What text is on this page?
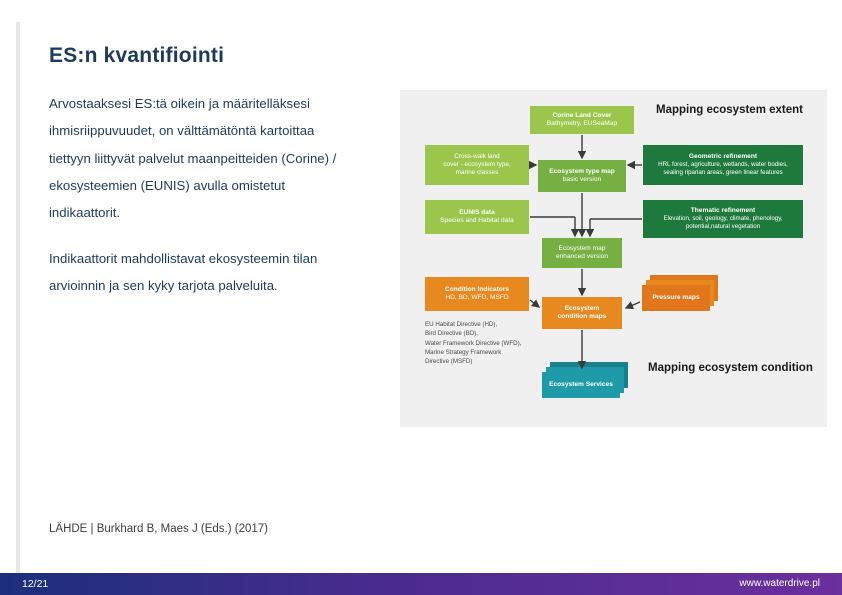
ES:n kvantifiointi

Arvostaaksesi ES:tä oikein ja määritelläksesi ihmisriippuvuudet, on välttämätöntä kartoittaa tiettyyn liittyvät palvelut maanpeitteiden (Corine) / ekosysteemien (EUNIS) avulla omistetut indikaattorit.

Indikaattorit mahdollistavat ekosysteemin tilan arvioinnin ja sen kyky tarjota palveluita.

LÄHDE | Burkhard B, Maes J (Eds.) (2017)
Mapping ecosystem extent
Mapping ecosystem condition
Corine Land Cover
Bathymetry, EUSeaMap
Cross-walk land
cover - ecosystem type,
marine classes
Geometric refinement
HRL forest, agriculture, wetlands, water bodies,
sealing riparian areas, green linear features
Ecosystem type map
basic version
EUNIS data
Species and Habitat data
Thematic refinement
Elevation, soil, geology, climate, phenology,
potential,natural vegetation
Ecosystem map
enhanced version
Condition Indicators
HD, BD, WFD, MSFD
Ecosystem
condition maps
Pressure maps
Ecosystem Services
EU Habitat Directive (HD),
Bird Directive (BD),
Water Framework Directive (WFD),
Marine Strategy Framework
Directive (MSFD)
12/21	www.waterdrive.pl
